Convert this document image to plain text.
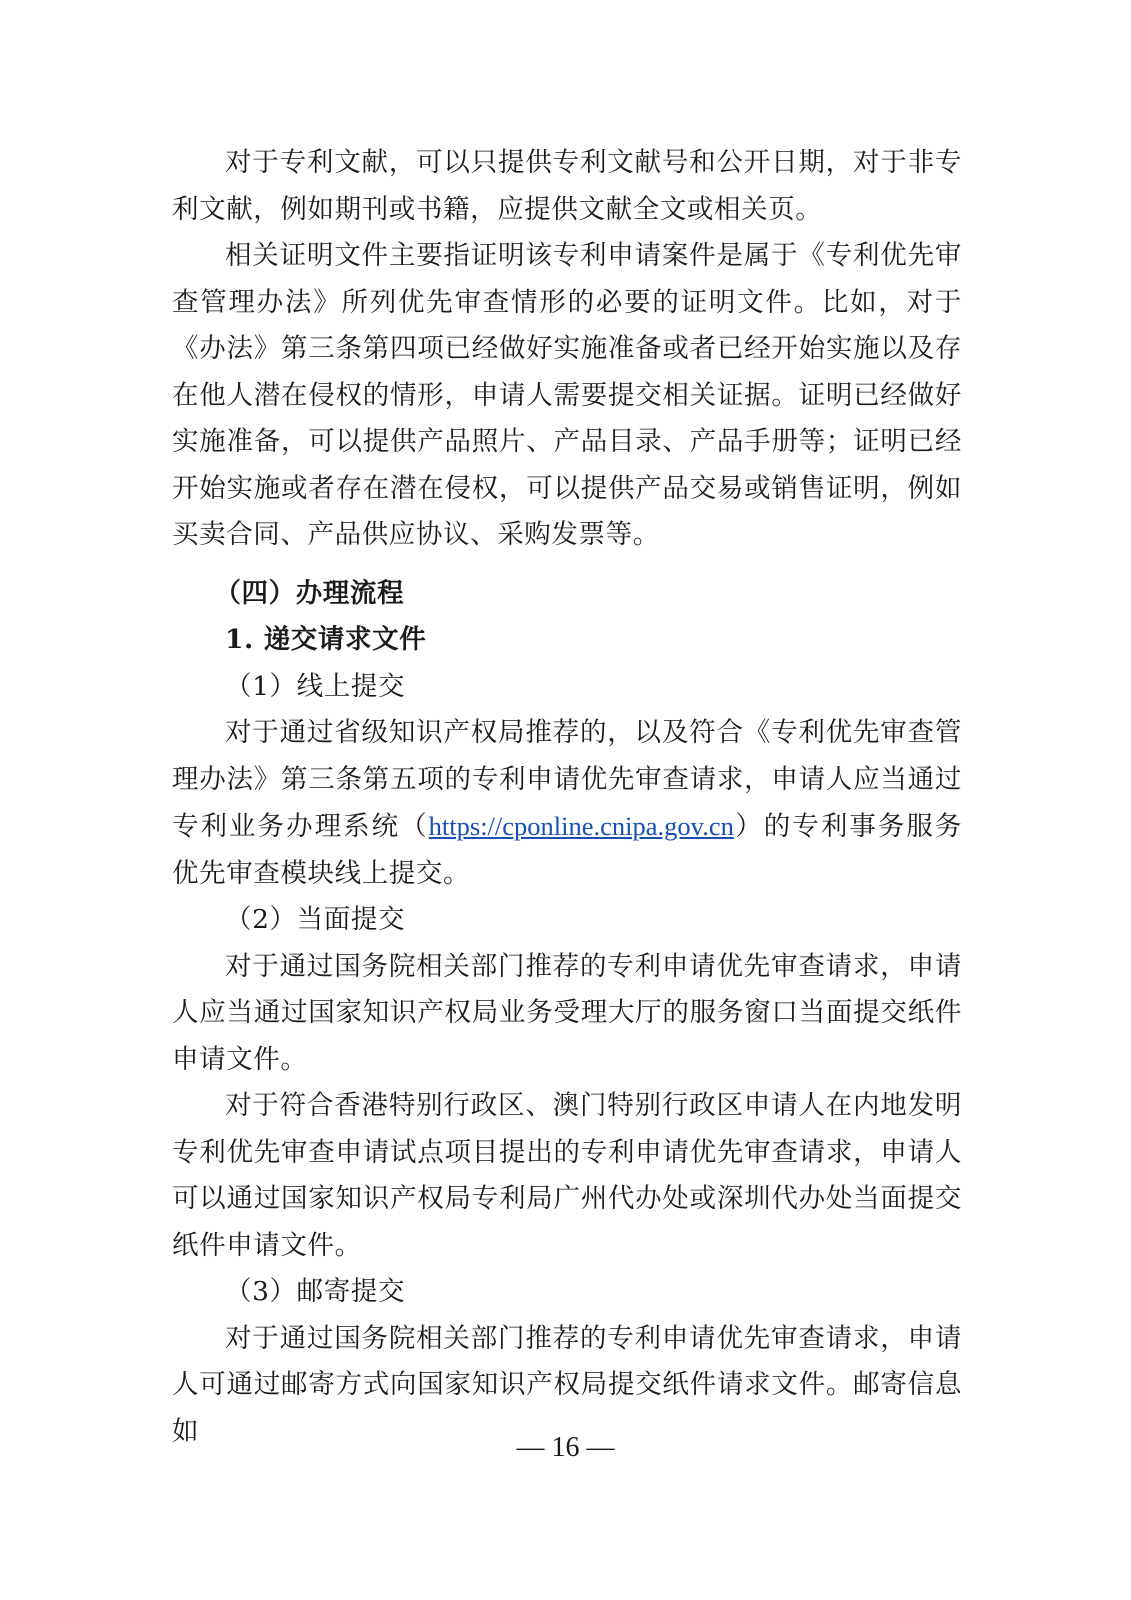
对于专利文献，可以只提供专利文献号和公开日期，对于非专利文献，例如期刊或书籍，应提供文献全文或相关页。

相关证明文件主要指证明该专利申请案件是属于《专利优先审查管理办法》所列优先审查情形的必要的证明文件。比如，对于《办法》第三条第四项已经做好实施准备或者已经开始实施以及存在他人潜在侵权的情形，申请人需要提交相关证据。证明已经做好实施准备，可以提供产品照片、产品目录、产品手册等；证明已经开始实施或者存在潜在侵权，可以提供产品交易或销售证明，例如买卖合同、产品供应协议、采购发票等。

（四）办理流程

1. 递交请求文件

（1）线上提交

对于通过省级知识产权局推荐的，以及符合《专利优先审查管理办法》第三条第五项的专利申请优先审查请求，申请人应当通过专利业务办理系统（https://cponline.cnipa.gov.cn）的专利事务服务优先审查模块线上提交。

（2）当面提交

对于通过国务院相关部门推荐的专利申请优先审查请求，申请人应当通过国家知识产权局业务受理大厅的服务窗口当面提交纸件申请文件。

对于符合香港特别行政区、澳门特别行政区申请人在内地发明专利优先审查申请试点项目提出的专利申请优先审查请求，申请人可以通过国家知识产权局专利局广州代办处或深圳代办处当面提交纸件申请文件。

（3）邮寄提交

对于通过国务院相关部门推荐的专利申请优先审查请求，申请人可通过邮寄方式向国家知识产权局提交纸件请求文件。邮寄信息如

— 16 —
